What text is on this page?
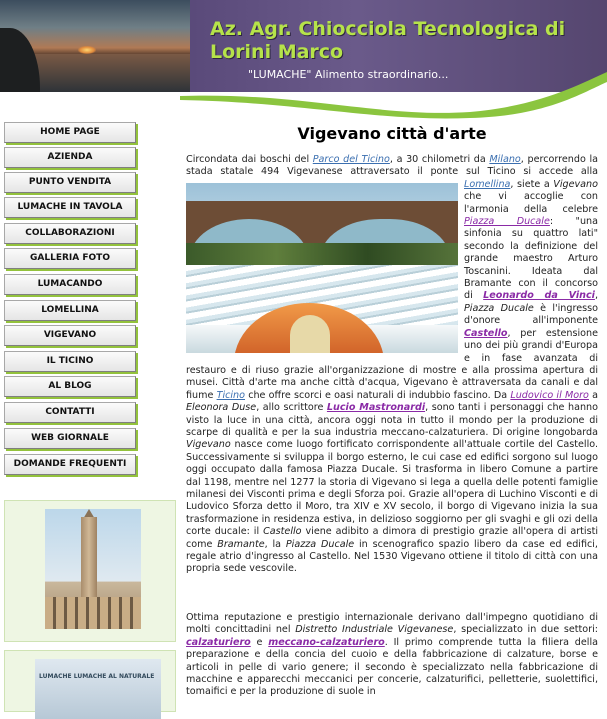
Az. Agr. Chiocciola Tecnologica di Lorini Marco
"LUMACHE" Alimento straordinario...
HOME PAGE
AZIENDA
PUNTO VENDITA
LUMACHE IN TAVOLA
COLLABORAZIONI
GALLERIA FOTO
LUMACANDO
LOMELLINA
VIGEVANO
IL TICINO
AL BLOG
CONTATTI
WEB GIORNALE
DOMANDE FREQUENTI
LUMACHE LUMACHE AL NATURALE
Vigevano città d'arte
Circondata dai boschi del Parco del Ticino, a 30 chilometri da Milano, percorrendo la stada statale 494 Vigevanese attraversato il ponte sul Ticino si accede alla Lomellina, siete a Vigevano che vi accoglie con l'armonia della celebre Piazza Ducale: "una sinfonia su quattro lati" secondo la definizione del grande maestro Arturo Toscanini. Ideata dal Bramante con il concorso di Leonardo da Vinci, Piazza Ducale è l'ingresso d'onore all'imponente Castello, per estensione uno dei più grandi d'Europa e in fase avanzata di restauro e di riuso grazie all'organizzazione di mostre e alla prossima apertura di musei. Città d'arte ma anche città d'acqua, Vigevano è attraversata da canali e dal fiume Ticino che offre scorci e oasi naturali di indubbio fascino. Da Ludovico il Moro a Eleonora Duse, allo scrittore Lucio Mastronardi, sono tanti i personaggi che hanno visto la luce in una città, ancora oggi nota in tutto il mondo per la produzione di scarpe di qualità e per la sua industria meccano-calzaturiera. Di origine longobarda Vigevano nasce come luogo fortificato corrispondente all'attuale cortile del Castello. Successivamente si sviluppa il borgo esterno, le cui case ed edifici sorgono sul luogo oggi occupato dalla famosa Piazza Ducale. Si trasforma in libero Comune a partire dal 1198, mentre nel 1277 la storia di Vigevano si lega a quella delle potenti famiglie milanesi dei Visconti prima e degli Sforza poi. Grazie all'opera di Luchino Visconti e di Ludovico Sforza detto il Moro, tra XIV e XV secolo, il borgo di Vigevano inizia la sua trasformazione in residenza estiva, in delizioso soggiorno per gli svaghi e gli ozi della corte ducale: il Castello viene adibito a dimora di prestigio grazie all'opera di artisti come Bramante, la Piazza Ducale in scenografico spazio libero da case ed edifici, regale atrio d'ingresso al Castello. Nel 1530 Vigevano ottiene il titolo di città con una propria sede vescovile.
Ottima reputazione e prestigio internazionale derivano dall'impegno quotidiano di molti concittadini nel Distretto Industriale Vigevanese, specializzato in due settori: calzaturiero e meccano-calzaturiero. Il primo comprende tutta la filiera della preparazione e della concia del cuoio e della fabbricazione di calzature, borse e articoli in pelle di vario genere; il secondo è specializzato nella fabbricazione di macchine e apparecchi meccanici per concerie, calzaturifici, pelletterie, suolettifici, tomaifici e per la produzione di suole in
